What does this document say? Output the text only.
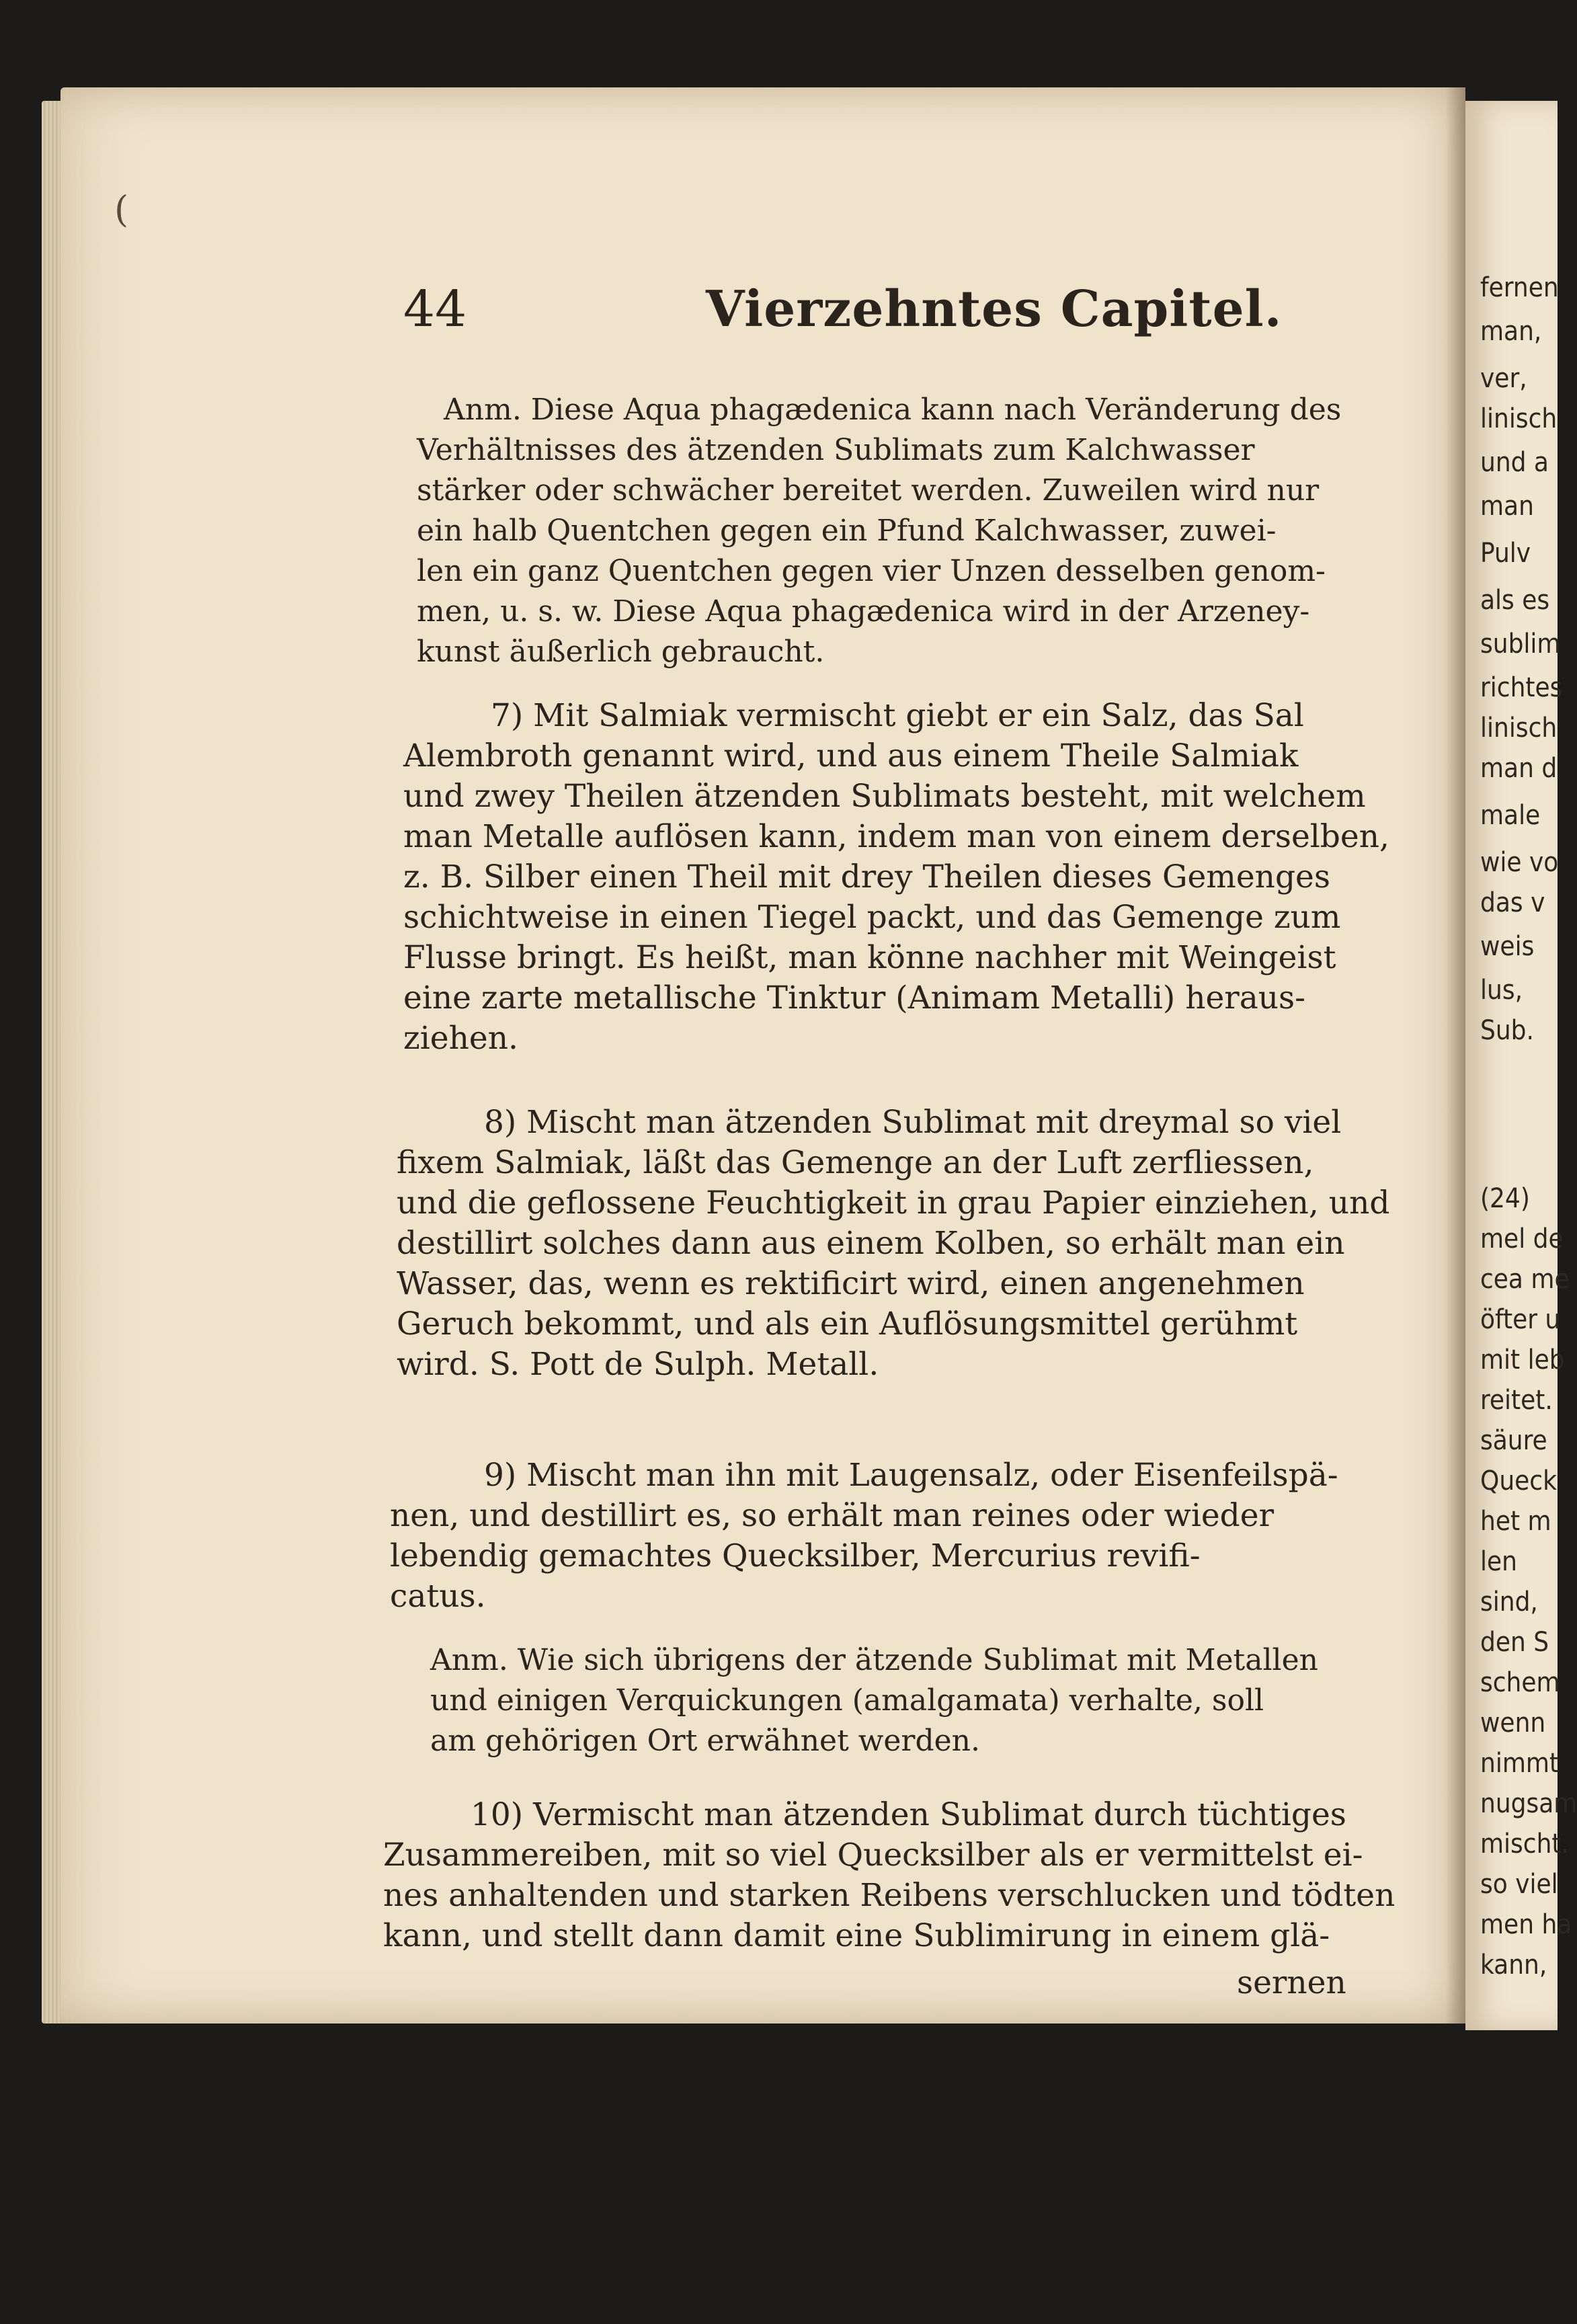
fernen
man,
ver,
linisch
und a
man
Pulv
als es
sublim
richtes
linisch
man d
male
wie vo
das v
weis
lus,
Sub.
(24)
mel de
cea me
öfter u
mit leb
reitet.
säure
Queck
het m
len
sind,
den S
schem
wenn
nimmt
nugsam
mischt.
so viel
men ha
kann,
(
44	Vierzehntes Capitel.
Anm. Diese Aqua phagædenica kann nach Veränderung des
Verhältnisses des ätzenden Sublimats zum Kalchwasser
stärker oder schwächer bereitet werden. Zuweilen wird nur
ein halb Quentchen gegen ein Pfund Kalchwasser, zuwei-
len ein ganz Quentchen gegen vier Unzen desselben genom-
men, u. s. w. Diese Aqua phagædenica wird in der Arzeney-
kunst äußerlich gebraucht.
7) Mit Salmiak vermischt giebt er ein Salz, das Sal
Alembroth genannt wird, und aus einem Theile Salmiak
und zwey Theilen ätzenden Sublimats besteht, mit welchem
man Metalle auflösen kann, indem man von einem derselben,
z. B. Silber einen Theil mit drey Theilen dieses Gemenges
schichtweise in einen Tiegel packt, und das Gemenge zum
Flusse bringt. Es heißt, man könne nachher mit Weingeist
eine zarte metallische Tinktur (Animam Metalli) heraus-
ziehen.
8) Mischt man ätzenden Sublimat mit dreymal so viel
fixem Salmiak, läßt das Gemenge an der Luft zerfliessen,
und die geflossene Feuchtigkeit in grau Papier einziehen, und
destillirt solches dann aus einem Kolben, so erhält man ein
Wasser, das, wenn es rektificirt wird, einen angenehmen
Geruch bekommt, und als ein Auflösungsmittel gerühmt
wird. S. Pott de Sulph. Metall.
9) Mischt man ihn mit Laugensalz, oder Eisenfeilspä-
nen, und destillirt es, so erhält man reines oder wieder
lebendig gemachtes Quecksilber, Mercurius revifi-
catus.
Anm. Wie sich übrigens der ätzende Sublimat mit Metallen
und einigen Verquickungen (amalgamata) verhalte, soll
am gehörigen Ort erwähnet werden.
10) Vermischt man ätzenden Sublimat durch tüchtiges
Zusammereiben, mit so viel Quecksilber als er vermittelst ei-
nes anhaltenden und starken Reibens verschlucken und tödten
kann, und stellt dann damit eine Sublimirung in einem glä-
sernen
